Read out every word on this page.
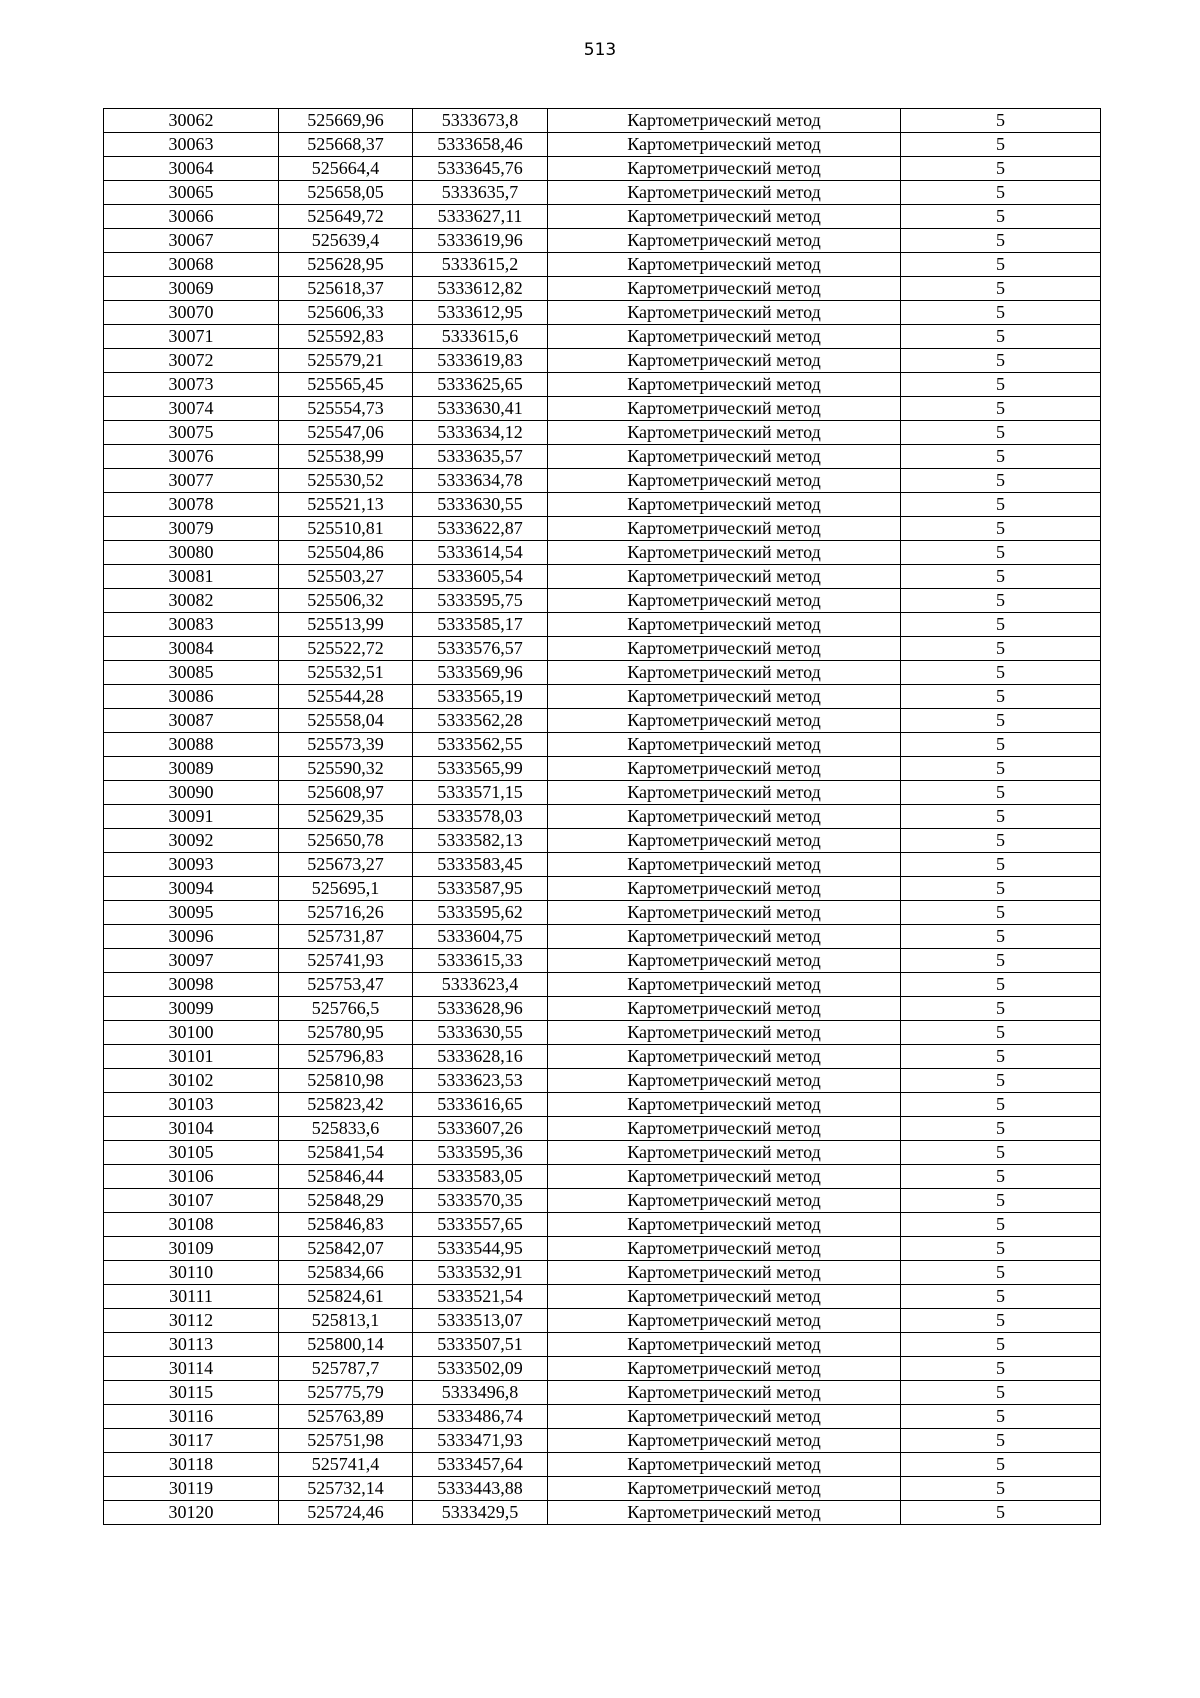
513
30062	525669,96	5333673,8	Картометрический метод	5
30063	525668,37	5333658,46	Картометрический метод	5
30064	525664,4	5333645,76	Картометрический метод	5
30065	525658,05	5333635,7	Картометрический метод	5
30066	525649,72	5333627,11	Картометрический метод	5
30067	525639,4	5333619,96	Картометрический метод	5
30068	525628,95	5333615,2	Картометрический метод	5
30069	525618,37	5333612,82	Картометрический метод	5
30070	525606,33	5333612,95	Картометрический метод	5
30071	525592,83	5333615,6	Картометрический метод	5
30072	525579,21	5333619,83	Картометрический метод	5
30073	525565,45	5333625,65	Картометрический метод	5
30074	525554,73	5333630,41	Картометрический метод	5
30075	525547,06	5333634,12	Картометрический метод	5
30076	525538,99	5333635,57	Картометрический метод	5
30077	525530,52	5333634,78	Картометрический метод	5
30078	525521,13	5333630,55	Картометрический метод	5
30079	525510,81	5333622,87	Картометрический метод	5
30080	525504,86	5333614,54	Картометрический метод	5
30081	525503,27	5333605,54	Картометрический метод	5
30082	525506,32	5333595,75	Картометрический метод	5
30083	525513,99	5333585,17	Картометрический метод	5
30084	525522,72	5333576,57	Картометрический метод	5
30085	525532,51	5333569,96	Картометрический метод	5
30086	525544,28	5333565,19	Картометрический метод	5
30087	525558,04	5333562,28	Картометрический метод	5
30088	525573,39	5333562,55	Картометрический метод	5
30089	525590,32	5333565,99	Картометрический метод	5
30090	525608,97	5333571,15	Картометрический метод	5
30091	525629,35	5333578,03	Картометрический метод	5
30092	525650,78	5333582,13	Картометрический метод	5
30093	525673,27	5333583,45	Картометрический метод	5
30094	525695,1	5333587,95	Картометрический метод	5
30095	525716,26	5333595,62	Картометрический метод	5
30096	525731,87	5333604,75	Картометрический метод	5
30097	525741,93	5333615,33	Картометрический метод	5
30098	525753,47	5333623,4	Картометрический метод	5
30099	525766,5	5333628,96	Картометрический метод	5
30100	525780,95	5333630,55	Картометрический метод	5
30101	525796,83	5333628,16	Картометрический метод	5
30102	525810,98	5333623,53	Картометрический метод	5
30103	525823,42	5333616,65	Картометрический метод	5
30104	525833,6	5333607,26	Картометрический метод	5
30105	525841,54	5333595,36	Картометрический метод	5
30106	525846,44	5333583,05	Картометрический метод	5
30107	525848,29	5333570,35	Картометрический метод	5
30108	525846,83	5333557,65	Картометрический метод	5
30109	525842,07	5333544,95	Картометрический метод	5
30110	525834,66	5333532,91	Картометрический метод	5
30111	525824,61	5333521,54	Картометрический метод	5
30112	525813,1	5333513,07	Картометрический метод	5
30113	525800,14	5333507,51	Картометрический метод	5
30114	525787,7	5333502,09	Картометрический метод	5
30115	525775,79	5333496,8	Картометрический метод	5
30116	525763,89	5333486,74	Картометрический метод	5
30117	525751,98	5333471,93	Картометрический метод	5
30118	525741,4	5333457,64	Картометрический метод	5
30119	525732,14	5333443,88	Картометрический метод	5
30120	525724,46	5333429,5	Картометрический метод	5
